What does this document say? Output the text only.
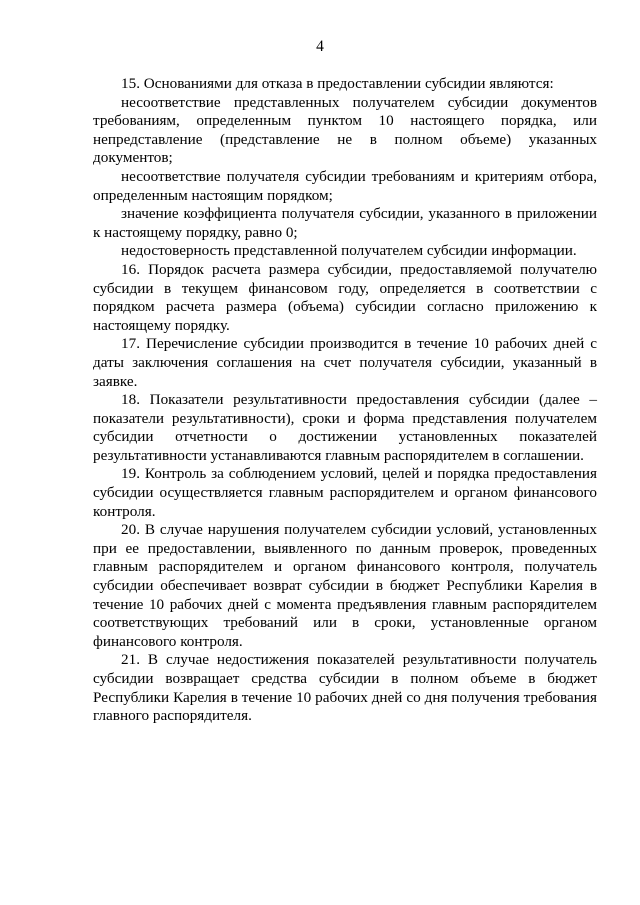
4

15. Основаниями для отказа в предоставлении субсидии являются:

несоответствие представленных получателем субсидии документов требованиям, определенным пунктом 10 настоящего порядка, или непредставление (представление не в полном объеме) указанных документов;

несоответствие получателя субсидии требованиям и критериям отбора, определенным настоящим порядком;

значение коэффициента получателя субсидии, указанного в приложении к настоящему порядку, равно 0;

недостоверность представленной получателем субсидии информации.

16. Порядок расчета размера субсидии, предоставляемой получателю субсидии в текущем финансовом году, определяется в соответствии с порядком расчета размера (объема) субсидии согласно приложению к настоящему порядку.

17. Перечисление субсидии производится в течение 10 рабочих дней с даты заключения соглашения на счет получателя субсидии, указанный в заявке.

18. Показатели результативности предоставления субсидии (далее – показатели результативности), сроки и форма представления получателем субсидии отчетности о достижении установленных показателей результативности устанавливаются главным распорядителем в соглашении.

19. Контроль за соблюдением условий, целей и порядка предоставления субсидии осуществляется главным распорядителем и органом финансового контроля.

20. В случае нарушения получателем субсидии условий, установленных при ее предоставлении, выявленного по данным проверок, проведенных главным распорядителем и органом финансового контроля, получатель субсидии обеспечивает возврат субсидии в бюджет Республики Карелия в течение 10 рабочих дней с момента предъявления главным распорядителем соответствующих требований или в сроки, установленные органом финансового контроля.

21. В случае недостижения показателей результативности получатель субсидии возвращает средства субсидии в полном объеме в бюджет Республики Карелия в течение 10 рабочих дней со дня получения требования главного распорядителя.
